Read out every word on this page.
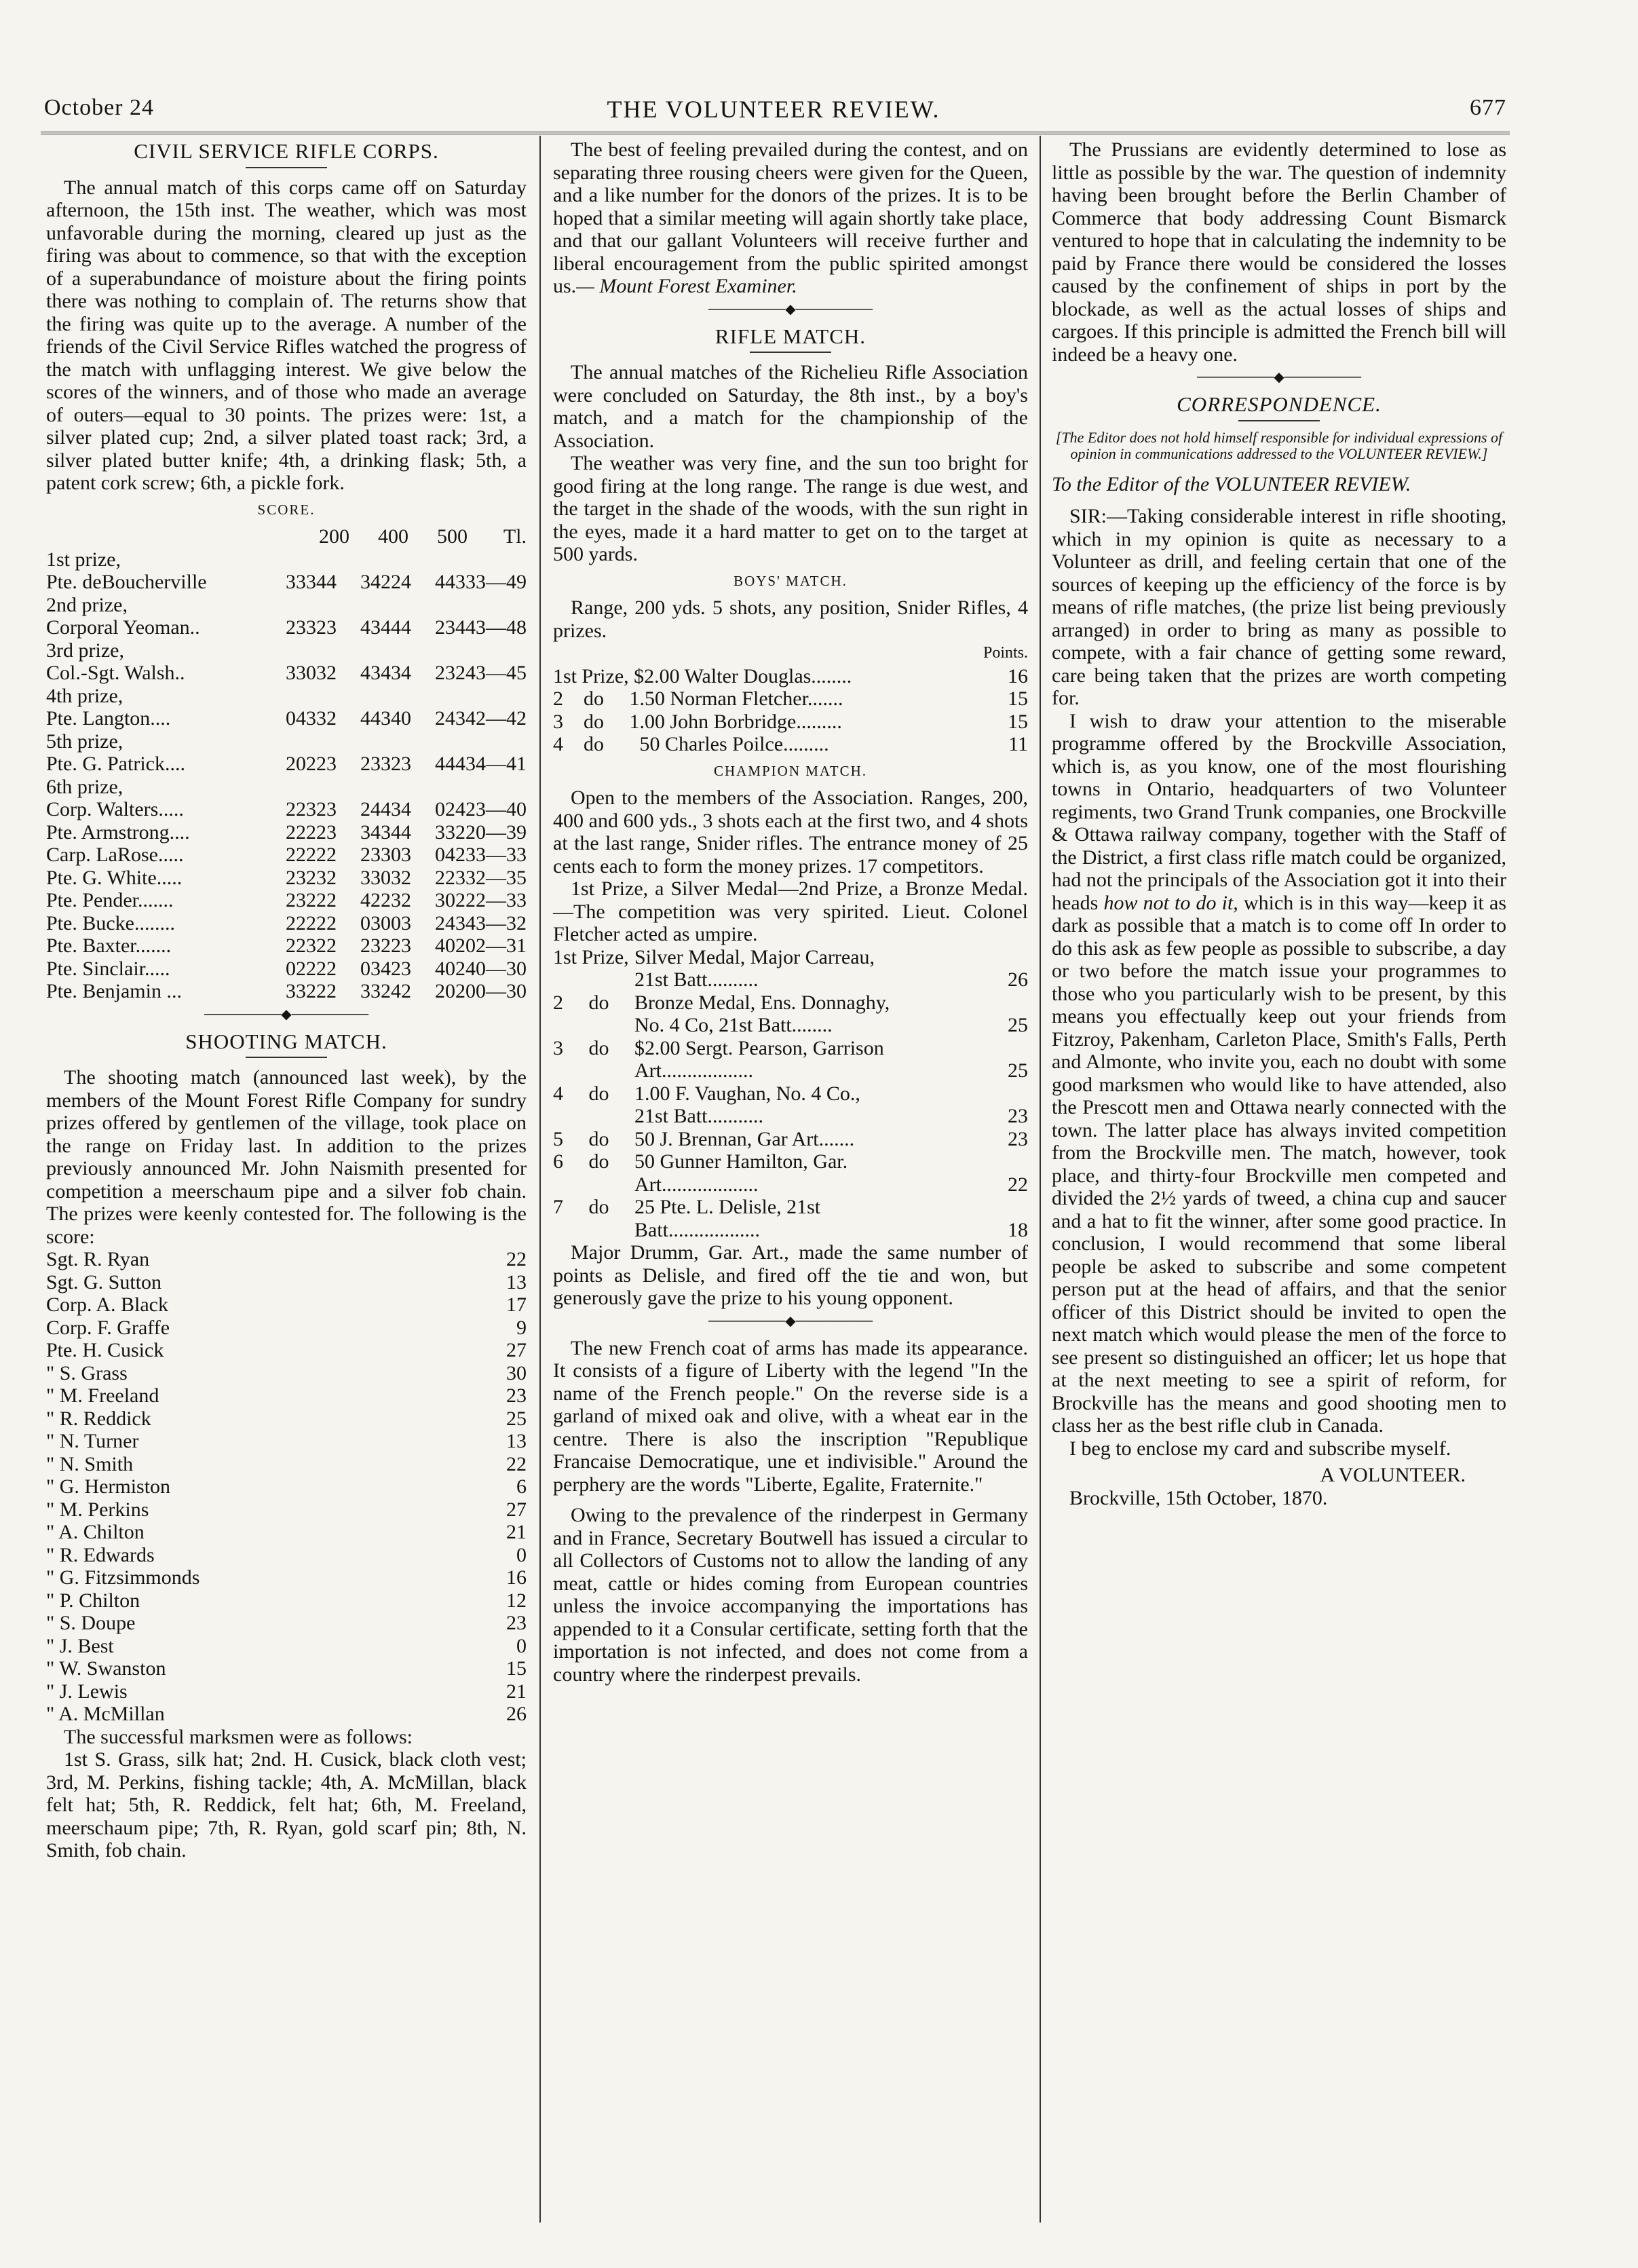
THE VOLUNTEER REVIEW.
October 24	677
CIVIL SERVICE RIFLE CORPS.

The annual match of this corps came off on Saturday afternoon, the 15th inst. The weather, which was most unfavorable during the morning, cleared up just as the firing was about to commence, so that with the exception of a superabundance of moisture about the firing points there was nothing to complain of. The returns show that the firing was quite up to the average. A number of the friends of the Civil Service Rifles watched the progress of the match with unflagging interest. We give below the scores of the winners, and of those who made an average of outers—equal to 30 points. The prizes were: 1st, a silver plated cup; 2nd, a silver plated toast rack; 3rd, a silver plated butter knife; 4th, a drinking flask; 5th, a patent cork screw; 6th, a pickle fork.

SCORE.
200	400	500	Tl.
1st prize,
Pte. deBoucherville	33344	34224	44333—49
2nd prize,
Corporal Yeoman..	23323	43444	23443—48
3rd prize,
Col.-Sgt. Walsh..	33032	43434	23243—45
4th prize,
Pte. Langton....	04332	44340	24342—42
5th prize,
Pte. G. Patrick....	20223	23323	44434—41
6th prize,
Corp. Walters.....	22323	24434	02423—40
Pte. Armstrong....	22223	34344	33220—39
Carp. LaRose.....	22222	23303	04233—33
Pte. G. White.....	23232	33032	22332—35
Pte. Pender.......	23222	42232	30222—33
Pte. Bucke........	22222	03003	24343—32
Pte. Baxter.......	22322	23223	40202—31
Pte. Sinclair.....	02222	03423	40240—30
Pte. Benjamin ...	33222	33242	20200—30
────────◆────────
SHOOTING MATCH.

The shooting match (announced last week), by the members of the Mount Forest Rifle Company for sundry prizes offered by gentlemen of the village, took place on the range on Friday last. In addition to the prizes previously announced Mr. John Naismith presented for competition a meerschaum pipe and a silver fob chain. The prizes were keenly contested for. The following is the score:

Sgt. R. Ryan	22
Sgt. G. Sutton	13
Corp. A. Black	17
Corp. F. Graffe	9
Pte. H. Cusick	27
" S. Grass	30
" M. Freeland	23
" R. Reddick	25
" N. Turner	13
" N. Smith	22
" G. Hermiston	6
" M. Perkins	27
" A. Chilton	21
" R. Edwards	0
" G. Fitzsimmonds	16
" P. Chilton	12
" S. Doupe	23
" J. Best	0
" W. Swanston	15
" J. Lewis	21
" A. McMillan	26

The successful marksmen were as follows:

1st S. Grass, silk hat; 2nd. H. Cusick, black cloth vest; 3rd, M. Perkins, fishing tackle; 4th, A. McMillan, black felt hat; 5th, R. Reddick, felt hat; 6th, M. Freeland, meerschaum pipe; 7th, R. Ryan, gold scarf pin; 8th, N. Smith, fob chain.

The best of feeling prevailed during the contest, and on separating three rousing cheers were given for the Queen, and a like number for the donors of the prizes. It is to be hoped that a similar meeting will again shortly take place, and that our gallant Volunteers will receive further and liberal encouragement from the public spirited amongst us.— Mount Forest Examiner.

────────◆────────
RIFLE MATCH.

The annual matches of the Richelieu Rifle Association were concluded on Saturday, the 8th inst., by a boy's match, and a match for the championship of the Association.

The weather was very fine, and the sun too bright for good firing at the long range. The range is due west, and the target in the shade of the woods, with the sun right in the eyes, made it a hard matter to get on to the target at 500 yards.

BOYS' MATCH.

Range, 200 yds. 5 shots, any position, Snider Rifles, 4 prizes.

Points.
1st Prize, $2.00 Walter Douglas........	16
2    do     1.50 Norman Fletcher.......	15
3    do     1.00 John Borbridge.........	15
4    do       50 Charles Poilce.........	11
CHAMPION MATCH.

Open to the members of the Association. Ranges, 200, 400 and 600 yds., 3 shots each at the first two, and 4 shots at the last range, Snider rifles. The entrance money of 25 cents each to form the money prizes. 17 competitors.

1st Prize, a Silver Medal—2nd Prize, a Bronze Medal.—The competition was very spirited. Lieut. Colonel Fletcher acted as umpire.

1st Prize, Silver Medal, Major Carreau,
21st Batt..........	26
2     do	Bronze Medal, Ens. Donnaghy,
No. 4 Co, 21st Batt........	25
3     do	$2.00 Sergt. Pearson, Garrison
Art..................	25
4     do	1.00 F. Vaughan, No. 4 Co.,
21st Batt...........	23
5     do	50 J. Brennan, Gar Art.......	23
6     do	50 Gunner Hamilton, Gar.
Art...................	22
7     do	25 Pte. L. Delisle, 21st
Batt..................	18

Major Drumm, Gar. Art., made the same number of points as Delisle, and fired off the tie and won, but generously gave the prize to his young opponent.

────────◆────────

The new French coat of arms has made its appearance. It consists of a figure of Liberty with the legend "In the name of the French people." On the reverse side is a garland of mixed oak and olive, with a wheat ear in the centre. There is also the inscription "Republique Francaise Democratique, une et indivisible." Around the perphery are the words "Liberte, Egalite, Fraternite."

Owing to the prevalence of the rinderpest in Germany and in France, Secretary Boutwell has issued a circular to all Collectors of Customs not to allow the landing of any meat, cattle or hides coming from European countries unless the invoice accompanying the importations has appended to it a Consular certificate, setting forth that the importation is not infected, and does not come from a country where the rinderpest prevails.

The Prussians are evidently determined to lose as little as possible by the war. The question of indemnity having been brought before the Berlin Chamber of Commerce that body addressing Count Bismarck ventured to hope that in calculating the indemnity to be paid by France there would be considered the losses caused by the confinement of ships in port by the blockade, as well as the actual losses of ships and cargoes. If this principle is admitted the French bill will indeed be a heavy one.

────────◆────────
CORRESPONDENCE.
[The Editor does not hold himself responsible for individual expressions of opinion in communications addressed to the VOLUNTEER REVIEW.]

To the Editor of the VOLUNTEER REVIEW.

SIR:—Taking considerable interest in rifle shooting, which in my opinion is quite as necessary to a Volunteer as drill, and feeling certain that one of the sources of keeping up the efficiency of the force is by means of rifle matches, (the prize list being previously arranged) in order to bring as many as possible to compete, with a fair chance of getting some reward, care being taken that the prizes are worth competing for.

I wish to draw your attention to the miserable programme offered by the Brockville Association, which is, as you know, one of the most flourishing towns in Ontario, headquarters of two Volunteer regiments, two Grand Trunk companies, one Brockville & Ottawa railway company, together with the Staff of the District, a first class rifle match could be organized, had not the principals of the Association got it into their heads how not to do it, which is in this way—keep it as dark as possible that a match is to come off In order to do this ask as few people as possible to subscribe, a day or two before the match issue your programmes to those who you particularly wish to be present, by this means you effectually keep out your friends from Fitzroy, Pakenham, Carleton Place, Smith's Falls, Perth and Almonte, who invite you, each no doubt with some good marksmen who would like to have attended, also the Prescott men and Ottawa nearly connected with the town. The latter place has always invited competition from the Brockville men. The match, however, took place, and thirty-four Brockville men competed and divided the 2½ yards of tweed, a china cup and saucer and a hat to fit the winner, after some good practice. In conclusion, I would recommend that some liberal people be asked to subscribe and some competent person put at the head of affairs, and that the senior officer of this District should be invited to open the next match which would please the men of the force to see present so distinguished an officer; let us hope that at the next meeting to see a spirit of reform, for Brockville has the means and good shooting men to class her as the best rifle club in Canada.

I beg to enclose my card and subscribe myself.

A VOLUNTEER.

Brockville, 15th October, 1870.
